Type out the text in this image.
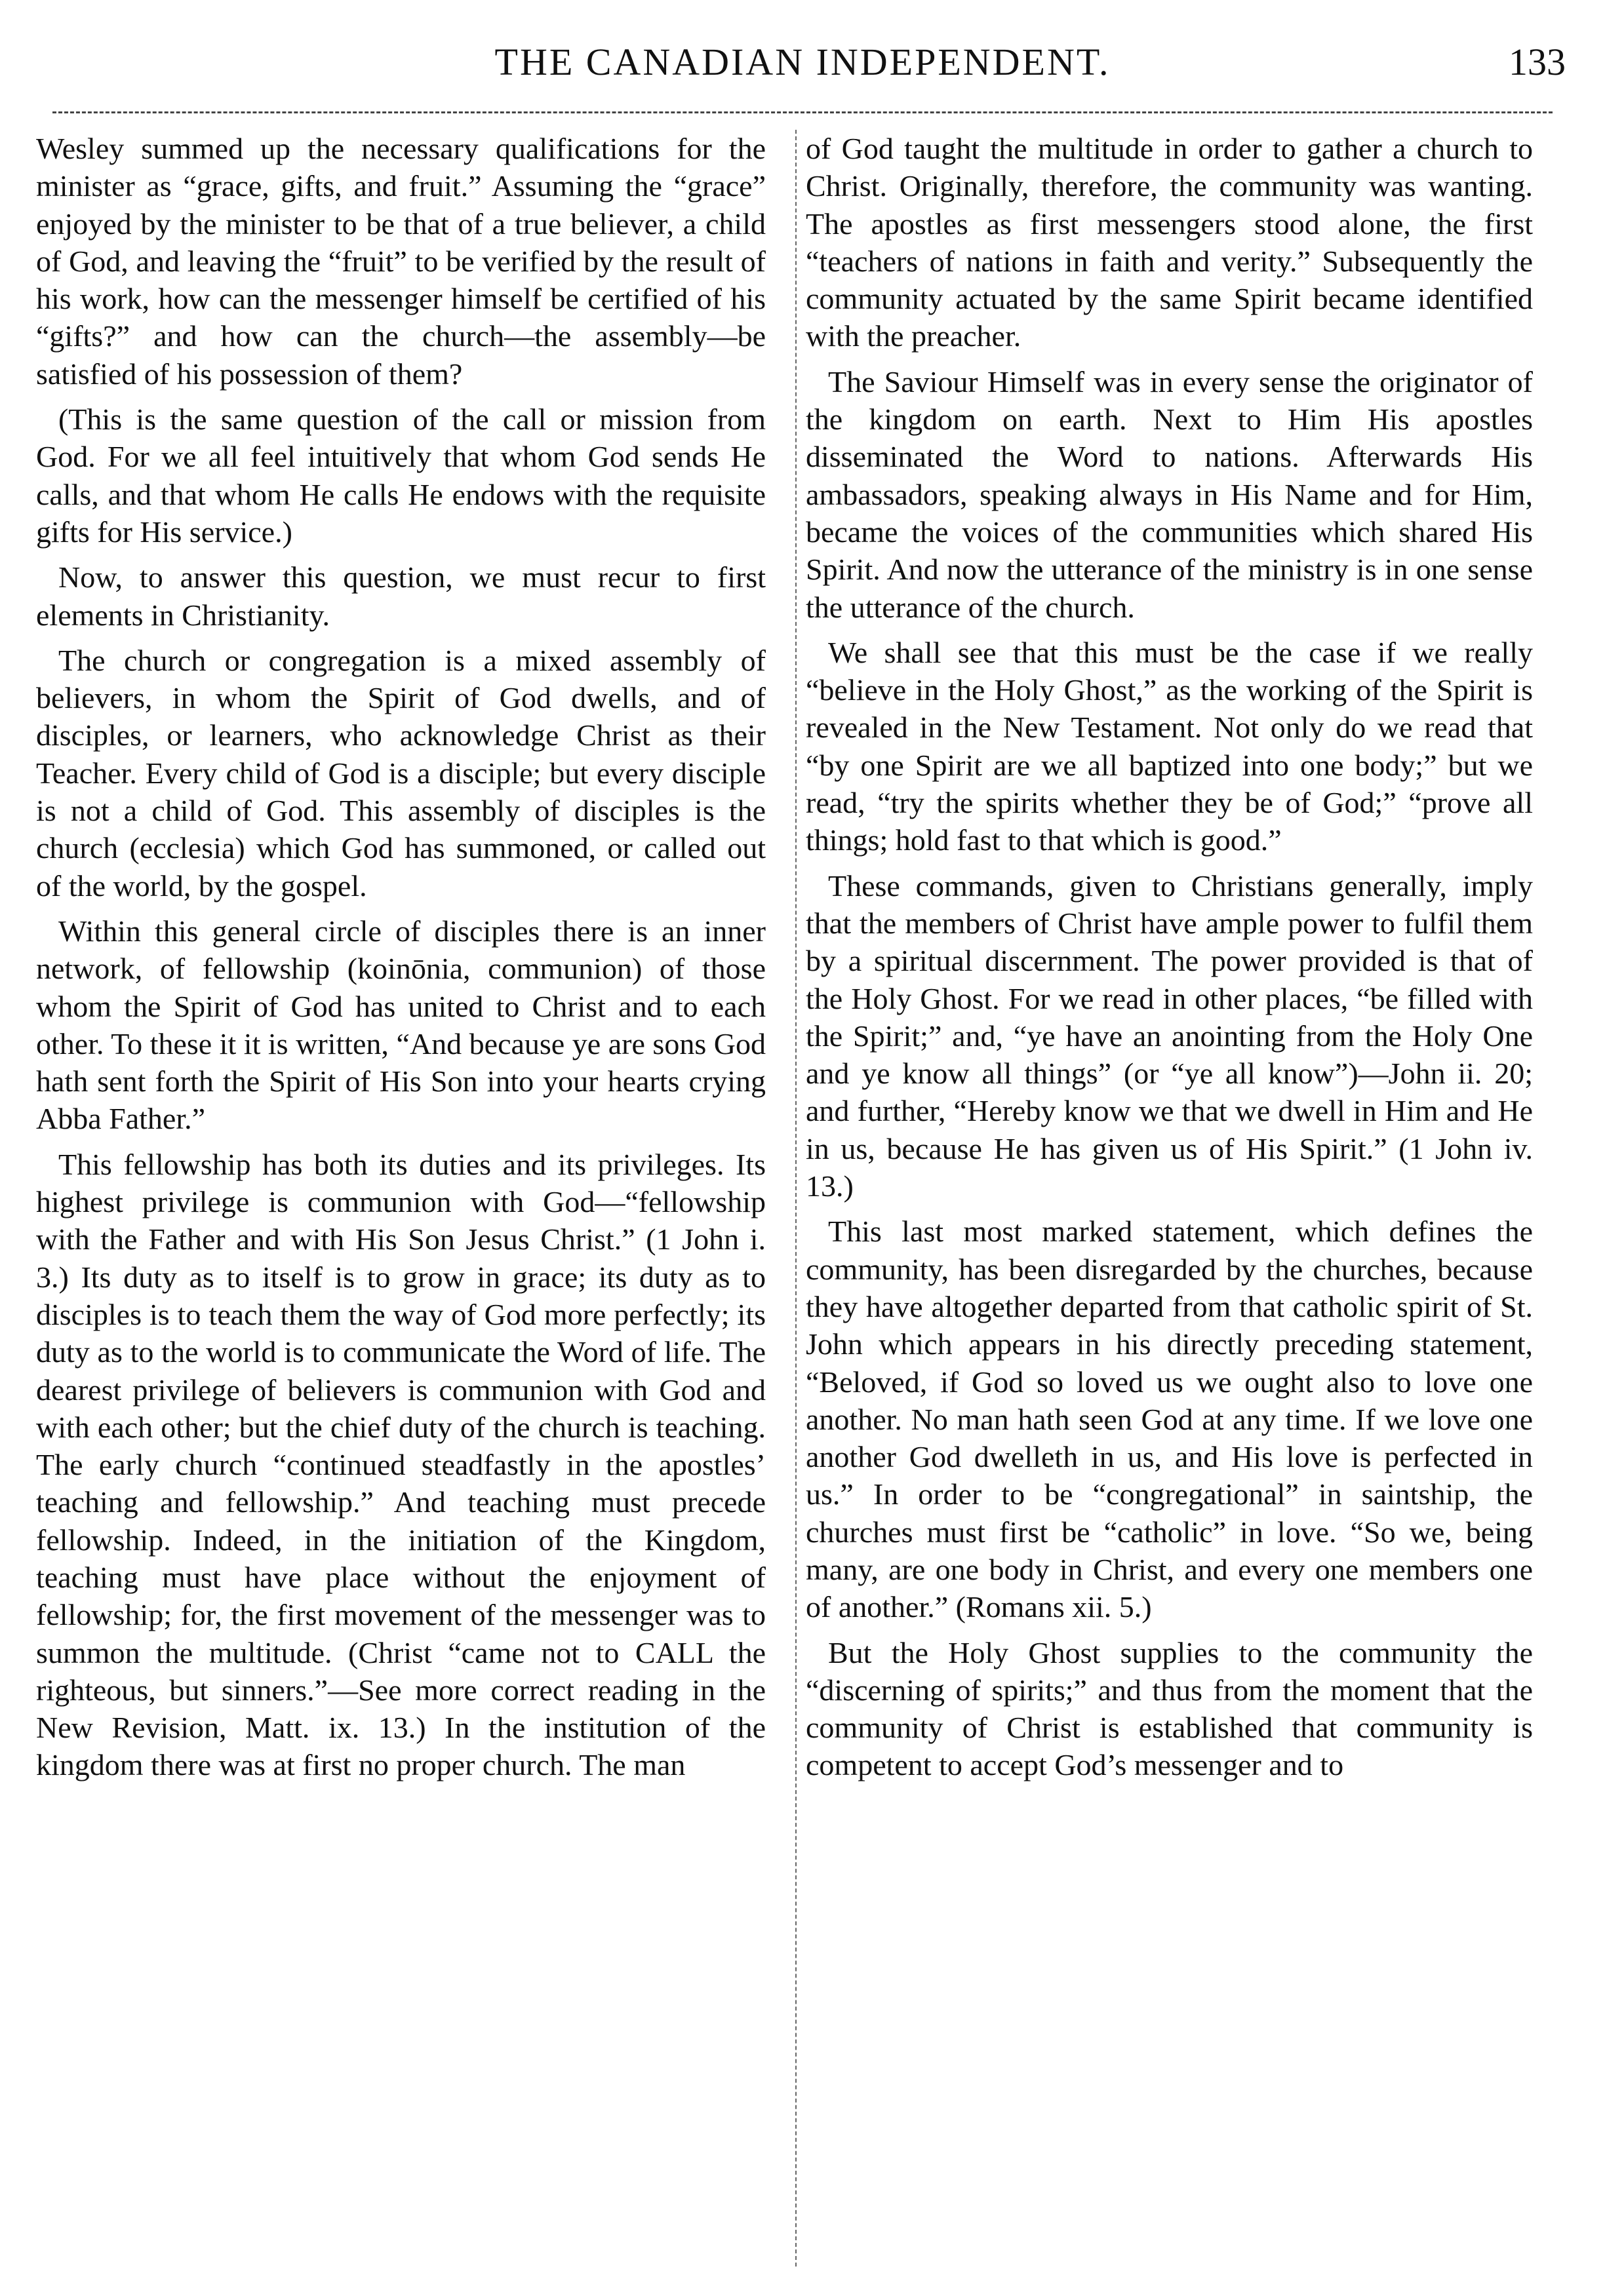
THE CANADIAN INDEPENDENT.	133

Wesley summed up the necessary qualifications for the minister as “grace, gifts, and fruit.” Assuming the “grace” enjoyed by the minister to be that of a true believer, a child of God, and leaving the “fruit” to be verified by the result of his work, how can the messenger himself be certified of his “gifts?” and how can the church—the assembly—be satisfied of his possession of them?

(This is the same question of the call or mission from God. For we all feel intuitively that whom God sends He calls, and that whom He calls He endows with the requisite gifts for His service.)

Now, to answer this question, we must recur to first elements in Christianity.

The church or congregation is a mixed assembly of believers, in whom the Spirit of God dwells, and of disciples, or learners, who acknowledge Christ as their Teacher. Every child of God is a disciple; but every disciple is not a child of God. This assembly of disciples is the church (ecclesia) which God has summoned, or called out of the world, by the gospel.

Within this general circle of disciples there is an inner network, of fellowship (koinōnia, communion) of those whom the Spirit of God has united to Christ and to each other. To these it it is written, “And because ye are sons God hath sent forth the Spirit of His Son into your hearts crying Abba Father.”

This fellowship has both its duties and its privileges. Its highest privilege is communion with God—“fellowship with the Father and with His Son Jesus Christ.” (1 John i. 3.) Its duty as to itself is to grow in grace; its duty as to disciples is to teach them the way of God more perfectly; its duty as to the world is to communicate the Word of life. The dearest privilege of believers is communion with God and with each other; but the chief duty of the church is teaching. The early church “continued steadfastly in the apostles’ teaching and fellowship.” And teaching must precede fellowship. Indeed, in the initiation of the Kingdom, teaching must have place without the enjoyment of fellowship; for, the first movement of the messenger was to summon the multitude. (Christ “came not to CALL the righteous, but sinners.”—See more correct reading in the New Revision, Matt. ix. 13.) In the institution of the kingdom there was at first no proper church. The man

of God taught the multitude in order to gather a church to Christ. Originally, therefore, the community was wanting. The apostles as first messengers stood alone, the first “teachers of nations in faith and verity.” Subsequently the community actuated by the same Spirit became identified with the preacher.

The Saviour Himself was in every sense the originator of the kingdom on earth. Next to Him His apostles disseminated the Word to nations. Afterwards His ambassadors, speaking always in His Name and for Him, became the voices of the communities which shared His Spirit. And now the utterance of the ministry is in one sense the utterance of the church.

We shall see that this must be the case if we really “believe in the Holy Ghost,” as the working of the Spirit is revealed in the New Testament. Not only do we read that “by one Spirit are we all baptized into one body;” but we read, “try the spirits whether they be of God;” “prove all things; hold fast to that which is good.”

These commands, given to Christians generally, imply that the members of Christ have ample power to fulfil them by a spiritual discernment. The power provided is that of the Holy Ghost. For we read in other places, “be filled with the Spirit;” and, “ye have an anointing from the Holy One and ye know all things” (or “ye all know”)—John ii. 20; and further, “Hereby know we that we dwell in Him and He in us, because He has given us of His Spirit.” (1 John iv. 13.)

This last most marked statement, which defines the community, has been disregarded by the churches, because they have altogether departed from that catholic spirit of St. John which appears in his directly preceding statement, “Beloved, if God so loved us we ought also to love one another. No man hath seen God at any time. If we love one another God dwelleth in us, and His love is perfected in us.” In order to be “congregational” in saintship, the churches must first be “catholic” in love. “So we, being many, are one body in Christ, and every one members one of another.” (Romans xii. 5.)

But the Holy Ghost supplies to the community the “discerning of spirits;” and thus from the moment that the community of Christ is established that community is competent to accept God’s messenger and to
